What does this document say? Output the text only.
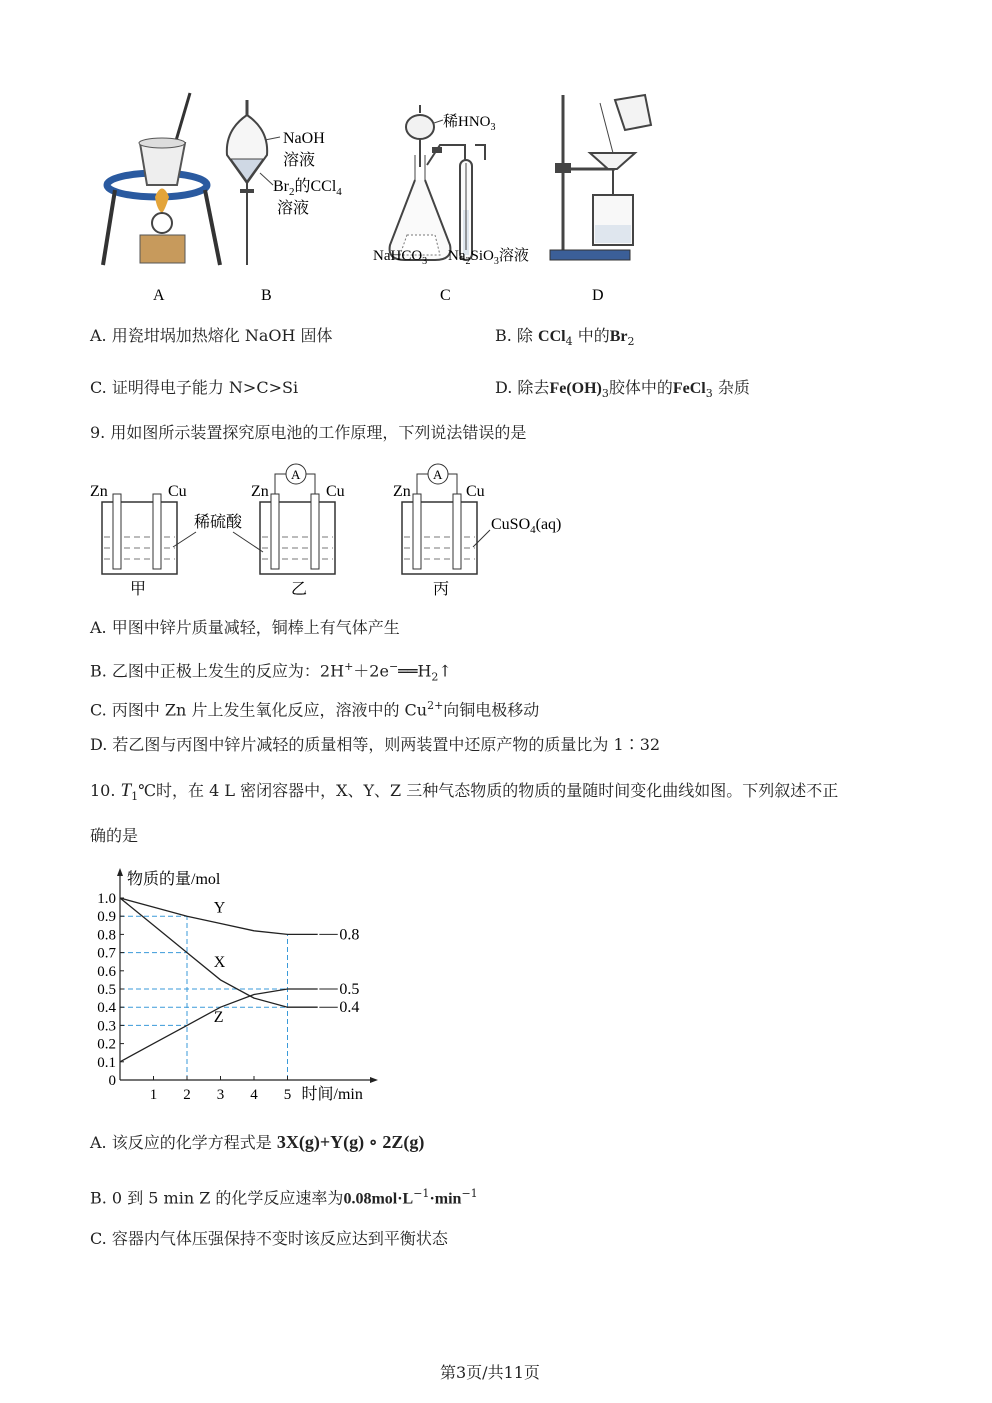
NaOH
溶液
$Br_2$的CCl$_4$
溶液
稀$HNO_3$
NaHCO$_3$ $Na_2SiO_3$溶液
A	B	C	D
A. 用瓷坩埚加热熔化 NaOH 固体	B. 除 CCl$_4$ 中的$Br_2$
C. 证明得电子能力 N>C>Si	D. 除去$Fe(OH)_3$胶体中的FeCl$_3$ 杂质
9. 用如图所示装置探究原电池的工作原理，下列说法错误的是
Zn	Cu
甲
稀硫酸
A
Zn	Cu
乙
A
Zn	Cu
CuSO$_4$(aq)
丙
A. 甲图中锌片质量减轻，铜棒上有气体产生
B. 乙图中正极上发生的反应为：$2H^++2e^-══H_2↑$
C. 丙图中 Zn 片上发生氧化反应，溶液中的 $Cu^{2+}$向铜电极移动
D. 若乙图与丙图中锌片减轻的质量相等，则两装置中还原产物的质量比为 1∶32
10. $T_1℃$时，在 4 L 密闭容器中，X、Y、Z 三种气态物质的物质的量随时间变化曲线如图。下列叙述不正
确的是
0
0.1
0.2
0.3
0.4
0.5
0.6
0.7
0.8
0.9
1.0
1 2 3 4 5
物质的量/mol
时间/min
Y
0.8
X
0.4
Z
0.5
A. 该反应的化学方程式是 3X(g)+Y(g) ∘ 2Z(g)
B. 0 到 5 min Z 的化学反应速率为$0.08mol\cdot L^{-1}\cdot\min^{-1}$
C. 容器内气体压强保持不变时该反应达到平衡状态
第3页/共11页
